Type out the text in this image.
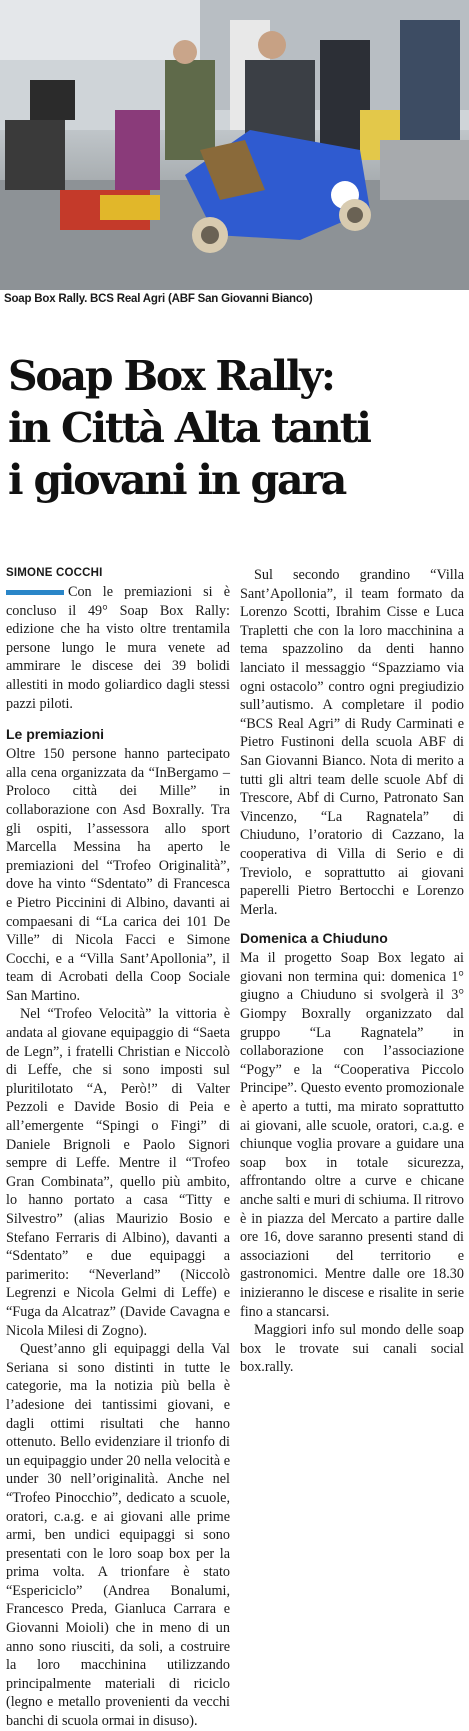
Soap Box Rally. BCS Real Agri (ABF San Giovanni Bianco)
Soap Box Rally:
in Città Alta tanti
i giovani in gara
SIMONE COCCHI

Con le premiazioni si è concluso il 49° Soap Box Rally: edizione che ha visto oltre trentamila persone lungo le mura venete ad ammirare le discese dei 39 bolidi allestiti in modo goliardico dagli stessi pazzi piloti.

Le premiazioni

Oltre 150 persone hanno partecipato alla cena organizzata da “InBergamo – Proloco città dei Mille” in collaborazione con Asd Boxrally. Tra gli ospiti, l’assessora allo sport Marcella Messina ha aperto le premiazioni del “Trofeo Originalità”, dove ha vinto “Sdentato” di Francesca e Pietro Piccinini di Albino, davanti ai compaesani di “La carica dei 101 De Ville” di Nicola Facci e Simone Cocchi, e a “Villa Sant’Apollonia”, il team di Acrobati della Coop Sociale San Martino.

Nel “Trofeo Velocità” la vittoria è andata al giovane equipaggio di “Saeta de Legn”, i fratelli Christian e Niccolò di Leffe, che si sono imposti sul pluritilotato “A, Però!” di Valter Pezzoli e Davide Bosio di Peia e all’emergente “Spingi o Fingi” di Daniele Brignoli e Paolo Signori sempre di Leffe. Mentre il “Trofeo Gran Combinata”, quello più ambito, lo hanno portato a casa “Titty e Silvestro” (alias Maurizio Bosio e Stefano Ferraris di Albino), davanti a “Sdentato” e due equipaggi a parimerito: “Neverland” (Niccolò Legrenzi e Nicola Gelmi di Leffe) e “Fuga da Alcatraz” (Davide Cavagna e Nicola Milesi di Zogno).

Quest’anno gli equipaggi della Val Seriana si sono distinti in tutte le categorie, ma la notizia più bella è l’adesione dei tantissimi giovani, e dagli ottimi risultati che hanno ottenuto. Bello evidenziare il trionfo di un equipaggio under 20 nella velocità e under 30 nell’originalità. Anche nel “Trofeo Pinocchio”, dedicato a scuole, oratori, c.a.g. e ai giovani alle prime armi, ben undici equipaggi si sono presentati con le loro soap box per la prima volta. A trionfare è stato “Espericiclo” (Andrea Bonalumi, Francesco Preda, Gianluca Carrara e Giovanni Moioli) che in meno di un anno sono riusciti, da soli, a costruire la loro macchinina utilizzando principalmente materiali di riciclo (legno e metallo provenienti da vecchi banchi di scuola ormai in disuso).

Sul secondo grandino “Villa Sant’Apollonia”, il team formato da Lorenzo Scotti, Ibrahim Cisse e Luca Trapletti che con la loro macchinina a tema spazzolino da denti hanno lanciato il messaggio “Spazziamo via ogni ostacolo” contro ogni pregiudizio sull’autismo. A completare il podio “BCS Real Agri” di Rudy Carminati e Pietro Fustinoni della scuola ABF di San Giovanni Bianco. Nota di merito a tutti gli altri team delle scuole Abf di Trescore, Abf di Curno, Patronato San Vincenzo, “La Ragnatela” di Chiuduno, l’oratorio di Cazzano, la cooperativa di Villa di Serio e di Treviolo, e soprattutto ai giovani paperelli Pietro Bertocchi e Lorenzo Merla.

Domenica a Chiuduno

Ma il progetto Soap Box legato ai giovani non termina qui: domenica 1° giugno a Chiuduno si svolgerà il 3° Giompy Boxrally organizzato dal gruppo “La Ragnatela” in collaborazione con l’associazione “Pogy” e la “Cooperativa Piccolo Principe”. Questo evento promozionale è aperto a tutti, ma mirato soprattutto ai giovani, alle scuole, oratori, c.a.g. e chiunque voglia provare a guidare una soap box in totale sicurezza, affrontando oltre a curve e chicane anche salti e muri di schiuma. Il ritrovo è in piazza del Mercato a partire dalle ore 16, dove saranno presenti stand di associazioni del territorio e gastronomici. Mentre dalle ore 18.30 inizieranno le discese e risalite in serie fino a stancarsi.

Maggiori info sul mondo delle soap box le trovate sui canali social box.rally.
